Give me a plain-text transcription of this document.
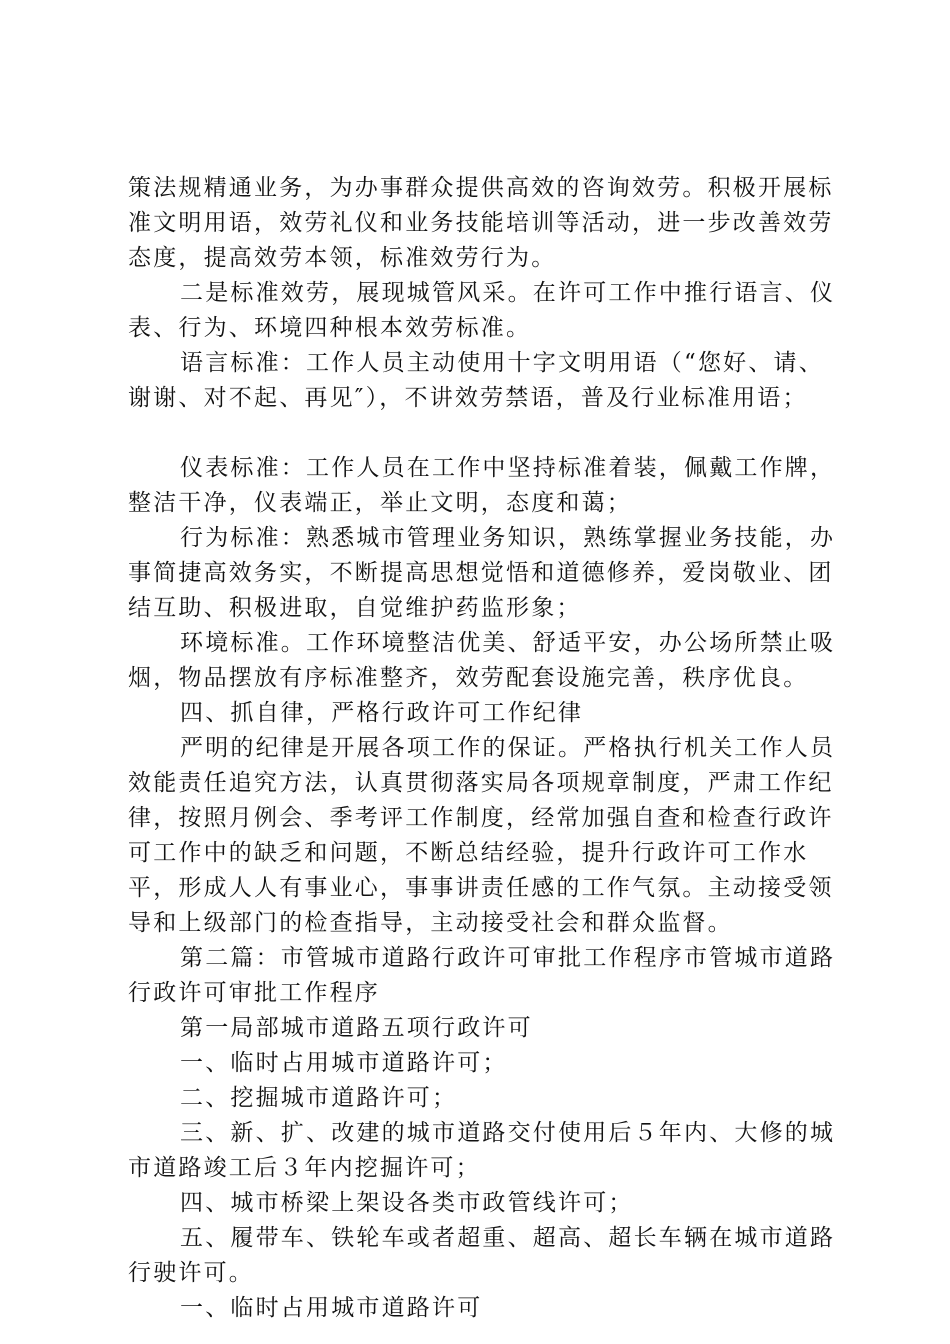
策法规精通业务，为办事群众提供高效的咨询效劳。积极开展标准文明用语，效劳礼仪和业务技能培训等活动，进一步改善效劳态度，提高效劳本领，标准效劳行为。

二是标准效劳，展现城管风采。在许可工作中推行语言、仪表、行为、环境四种根本效劳标准。

语言标准：工作人员主动使用十字文明用语（“您好、请、谢谢、对不起、再见″），不讲效劳禁语，普及行业标准用语；

仪表标准：工作人员在工作中坚持标准着装，佩戴工作牌，整洁干净，仪表端正，举止文明，态度和蔼；

行为标准：熟悉城市管理业务知识，熟练掌握业务技能，办事简捷高效务实，不断提高思想觉悟和道德修养，爱岗敬业、团结互助、积极进取，自觉维护药监形象；

环境标准。工作环境整洁优美、舒适平安，办公场所禁止吸烟，物品摆放有序标准整齐，效劳配套设施完善，秩序优良。

四、抓自律，严格行政许可工作纪律

严明的纪律是开展各项工作的保证。严格执行机关工作人员效能责任追究方法，认真贯彻落实局各项规章制度，严肃工作纪律，按照月例会、季考评工作制度，经常加强自查和检查行政许可工作中的缺乏和问题，不断总结经验，提升行政许可工作水平，形成人人有事业心，事事讲责任感的工作气氛。主动接受领导和上级部门的检查指导，主动接受社会和群众监督。

第二篇：市管城市道路行政许可审批工作程序市管城市道路行政许可审批工作程序

第一局部城市道路五项行政许可

一、临时占用城市道路许可；

二、挖掘城市道路许可；

三、新、扩、改建的城市道路交付使用后５年内、大修的城市道路竣工后３年内挖掘许可；

四、城市桥梁上架设各类市政管线许可；

五、履带车、铁轮车或者超重、超高、超长车辆在城市道路行驶许可。

一、临时占用城市道路许可
